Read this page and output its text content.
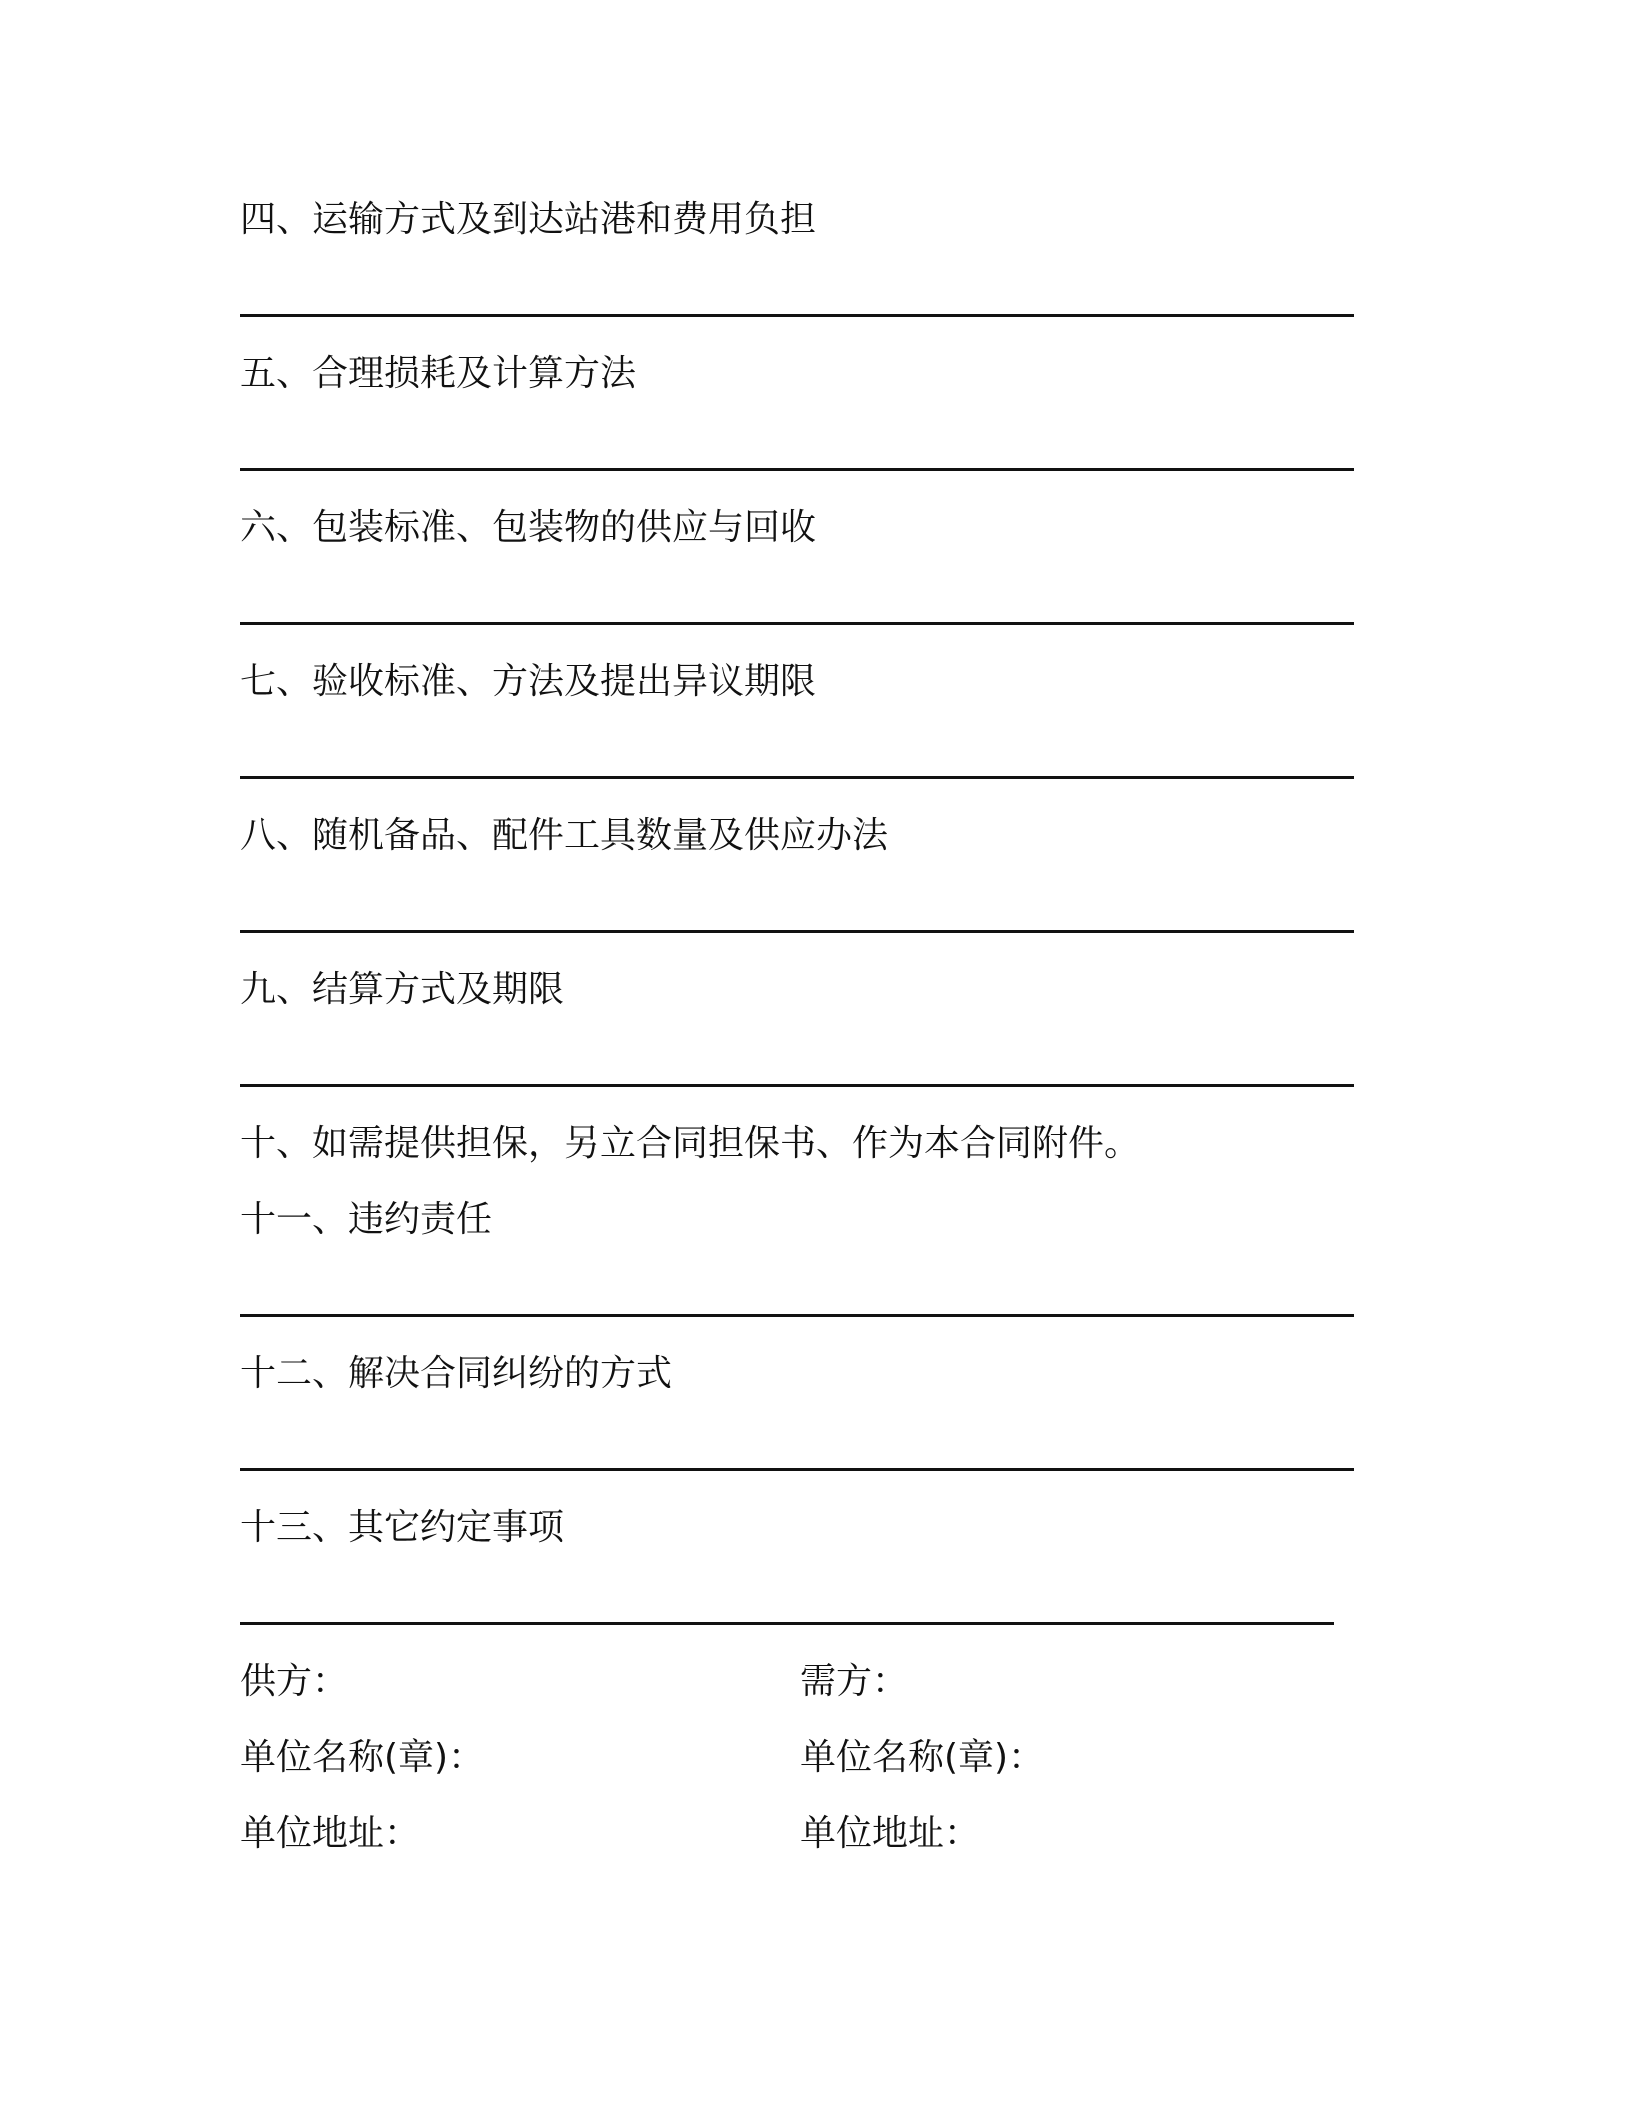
四、运输方式及到达站港和费用负担
五、合理损耗及计算方法
六、包装标准、包装物的供应与回收
七、验收标准、方法及提出异议期限
八、随机备品、配件工具数量及供应办法
九、结算方式及期限
十、如需提供担保，另立合同担保书、作为本合同附件。
十一、违约责任
十二、解决合同纠纷的方式
十三、其它约定事项
供方：	需方：
单位名称(章)：	单位名称(章)：
单位地址：	单位地址：
